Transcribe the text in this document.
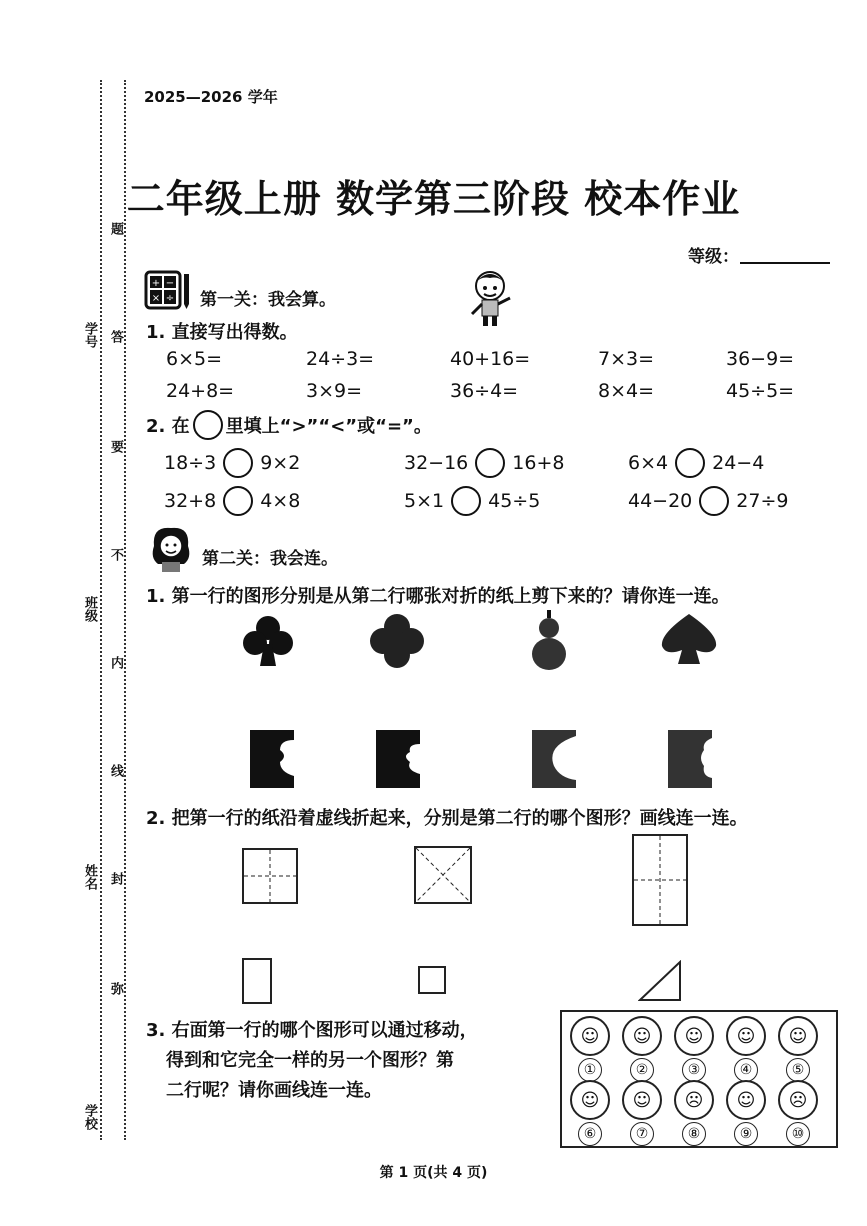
学号
班级
姓名
学校
题
答
要
不
内
线
封
弥
2025—2026 学年
二年级上册 数学第三阶段 校本作业
等级：
+ −
× ÷ 第一关：我会算。
1. 直接写出得数。
6×5=	24÷3=	40+16=	7×3=	36−9=
24+8=	3×9=	36÷4=	8×4=	45÷5=
2. 在 里填上“>”“<”或“=”。
18÷3 9×2	32−16 16+8	6×4 24−4
32+8 4×8	5×1 45÷5	44−20 27÷9
第二关：我会连。
1. 第一行的图形分别是从第二行哪张对折的纸上剪下来的？请你连一连。
2. 把第一行的纸沿着虚线折起来，分别是第二行的哪个图形？画线连一连。
3. 右面第一行的哪个图形可以通过移动，
得到和它完全一样的另一个图形？第
二行呢？请你画线连一连。
☺
①
☺
②
☺
③
☺
④
☺
⑤
☺
⑥
☺
⑦
☹
⑧
☺
⑨
☹
⑩
第 1 页(共 4 页)
